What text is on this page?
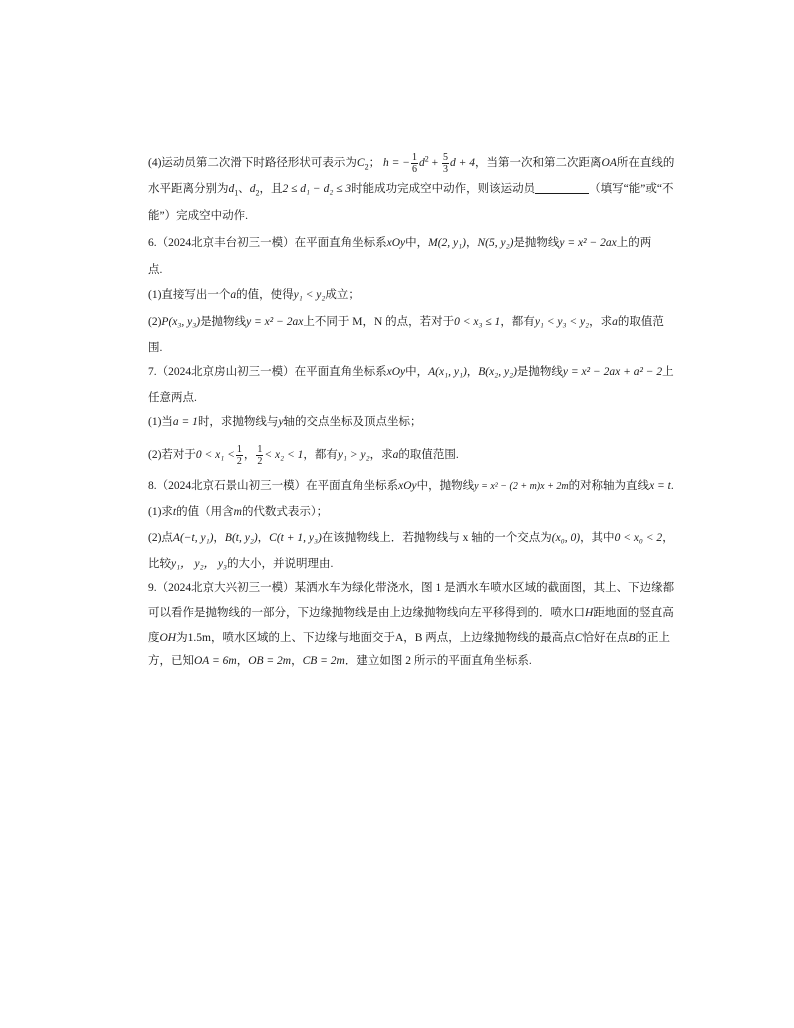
(4)运动员第二次滑下时路径形状可表示为$C_2$； h = − $\frac{1}{6} d^2 + \frac{5}{3}$ d + 4，当第一次和第二次距离OA所在直线的
水平距离分别为$d_1$、$d_2$，且2 ≤ d₁ − d₂ ≤ 3时能成功完成空中动作，则该运动员	（填写“能”或“不
能”）完成空中动作.
6.（2024北京丰台初三一模）在平面直角坐标系xOy中，M(2, y₁)，N(5, y₂)是抛物线y = x² − 2ax上的两
点.
(1)直接写出一个a的值，使得y₁ < y₂成立；
(2)P(x₃, y₃)是抛物线y = x² − 2ax上不同于 M，N 的点，若对于0 < x₃ ≤ 1，都有y₁ < y₃ < y₂，求a的取值范
围.
7.（2024北京房山初三一模）在平面直角坐标系xOy中，A(x₁, y₁)，B(x₂, y₂)是抛物线y = x² − 2ax + a² − 2上
任意两点.
(1)当a = 1时，求抛物线与y轴的交点坐标及顶点坐标；
(2)若对于$0 < x_1 < \frac{1}{2}$ ， $\frac{1}{2} < x_2 < 1$，都有y₁ > y₂，求a的取值范围.
8.（2024北京石景山初三一模）在平面直角坐标系xOy中，抛物线y = x² − (2 + m)x + 2m的对称轴为直线x = t.
(1)求t的值（用含m的代数式表示）；
(2)点A(−t, y₁)，B(t, y₂)，C(t + 1, y₃)在该抛物线上．若抛物线与 x 轴的一个交点为(x₀, 0)，其中0 < x₀ < 2，
比较y₁， y₂， y₃的大小，并说明理由.
9.（2024北京大兴初三一模）某洒水车为绿化带浇水，图 1 是洒水车喷水区域的截面图，其上、下边缘都
可以看作是抛物线的一部分，下边缘抛物线是由上边缘抛物线向左平移得到的．喷水口H距地面的竖直高
度OH为1.5m，喷水区域的上、下边缘与地面交于A，B 两点，上边缘抛物线的最高点C恰好在点B的正上
方，已知OA = 6m，OB = 2m，CB = 2m．建立如图 2 所示的平面直角坐标系.
